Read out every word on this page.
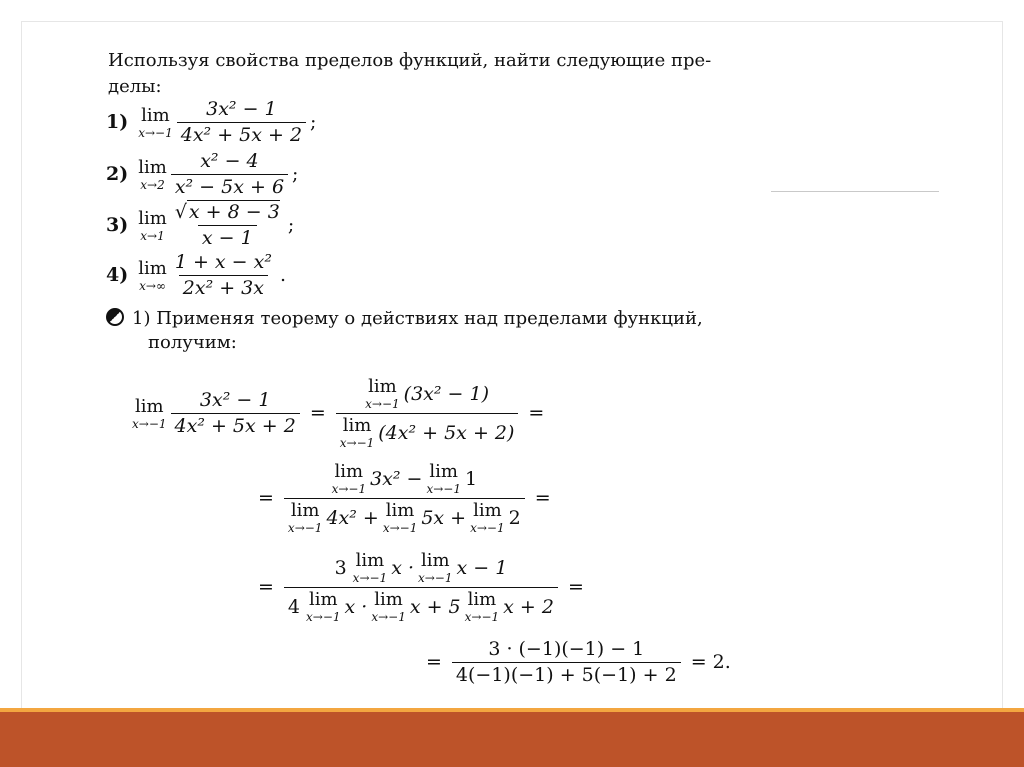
Используя свойства пределов функций, найти следующие пре-
делы:
1) lim
$x\to-1 \frac{\text{3x² − 1}}{\text{4x² + 5x + 2}}$ ;
2) lim
$x\to 2 \frac{\text{x² − 4}}{\text{x² − 5x + 6}}$ ;
3) lim
$x\to 1 \frac{√ x + 8 - 3}{x - 1}$ ;
4) lim
$x\to\infty \frac{\text{1 + x − x²}}{\text{2x² + 3x}}$ .
1) Применяя теорему о действиях над пределами функций,
получим:
lim
$x\to-1 \frac{\text{3x² − 1}}{\text{4x² + 5x + 2}} = \lim$
x→−1 (3x² − 1)
lim
x→−1 (4x² + 5x + 2) =
= lim
x→−1 3x² − lim
x→−1 1
lim
x→−1 4x² + lim
x→−1 5x + lim
x→−1 2 =
= 3 lim
x→−1 x · lim
x→−1 x − 1
4 lim
x→−1 x · lim
x→−1 x + 5 lim
x→−1 x + 2 =
= $\frac{3 \cdot (-1)(-1) - 1}{4(-1)(-1) + 5(-1) + 2} = 2$.
